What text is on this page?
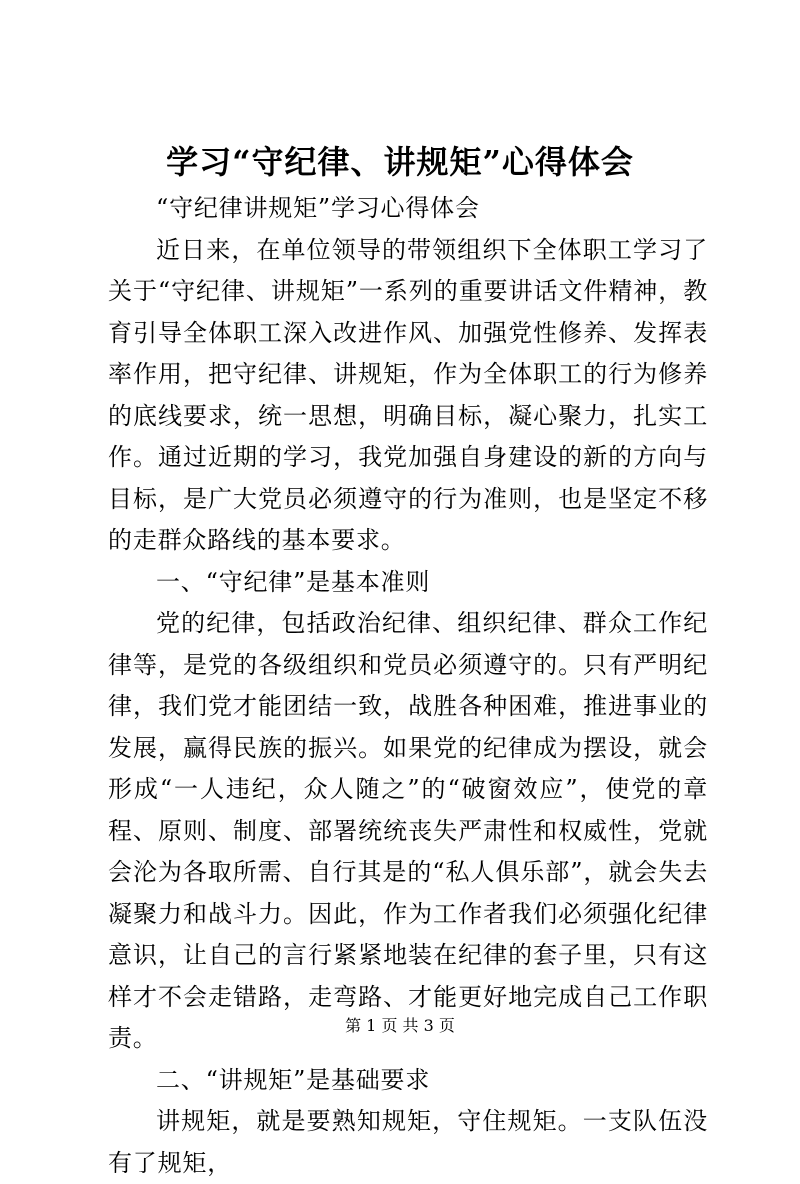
学习“守纪律、讲规矩”心得体会

“守纪律讲规矩”学习心得体会

近日来，在单位领导的带领组织下全体职工学习了关于“守纪律、讲规矩”一系列的重要讲话文件精神，教育引导全体职工深入改进作风、加强党性修养、发挥表率作用，把守纪律、讲规矩，作为全体职工的行为修养的底线要求，统一思想，明确目标，凝心聚力，扎实工作。通过近期的学习，我党加强自身建设的新的方向与目标，是广大党员必须遵守的行为准则，也是坚定不移的走群众路线的基本要求。

一、“守纪律”是基本准则

党的纪律，包括政治纪律、组织纪律、群众工作纪律等，是党的各级组织和党员必须遵守的。只有严明纪律，我们党才能团结一致，战胜各种困难，推进事业的发展，赢得民族的振兴。如果党的纪律成为摆设，就会形成“一人违纪，众人随之”的“破窗效应”，使党的章程、原则、制度、部署统统丧失严肃性和权威性，党就会沦为各取所需、自行其是的“私人俱乐部”，就会失去凝聚力和战斗力。因此，作为工作者我们必须强化纪律意识，让自己的言行紧紧地装在纪律的套子里，只有这样才不会走错路，走弯路、才能更好地完成自己工作职责。

二、“讲规矩”是基础要求

讲规矩，就是要熟知规矩，守住规矩。一支队伍没有了规矩，

第 1 页 共 3 页
